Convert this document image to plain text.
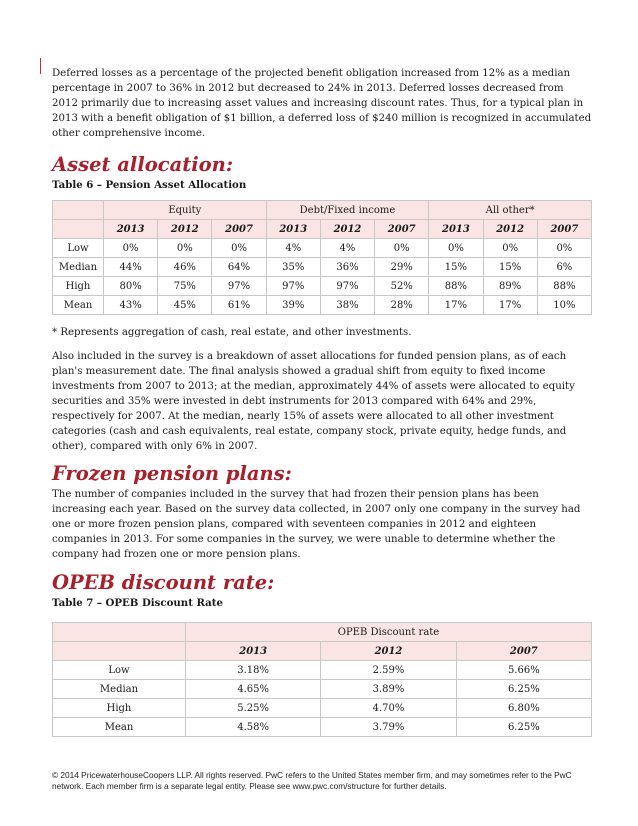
Deferred losses as a percentage of the projected benefit obligation increased from 12% as a median percentage in 2007 to 36% in 2012 but decreased to 24% in 2013. Deferred losses decreased from 2012 primarily due to increasing asset values and increasing discount rates. Thus, for a typical plan in 2013 with a benefit obligation of $1 billion, a deferred loss of $240 million is recognized in accumulated other comprehensive income.

Asset allocation:
Table 6 – Pension Asset Allocation
	Equity			Debt/Fixed income			All other*		
	2013	2012	2007	2013	2012	2007	2013	2012	2007
Low	0%	0%	0%	4%	4%	0%	0%	0%	0%
Median	44%	46%	64%	35%	36%	29%	15%	15%	6%
High	80%	75%	97%	97%	97%	52%	88%	89%	88%
Mean	43%	45%	61%	39%	38%	28%	17%	17%	10%

* Represents aggregation of cash, real estate, and other investments.

Also included in the survey is a breakdown of asset allocations for funded pension plans, as of each plan's measurement date. The final analysis showed a gradual shift from equity to fixed income investments from 2007 to 2013; at the median, approximately 44% of assets were allocated to equity securities and 35% were invested in debt instruments for 2013 compared with 64% and 29%, respectively for 2007. At the median, nearly 15% of assets were allocated to all other investment categories (cash and cash equivalents, real estate, company stock, private equity, hedge funds, and other), compared with only 6% in 2007.

Frozen pension plans:

The number of companies included in the survey that had frozen their pension plans has been increasing each year. Based on the survey data collected, in 2007 only one company in the survey had one or more frozen pension plans, compared with seventeen companies in 2012 and eighteen companies in 2013. For some companies in the survey, we were unable to determine whether the company had frozen one or more pension plans.

OPEB discount rate:
Table 7 – OPEB Discount Rate
	OPEB Discount rate		
	2013	2012	2007
Low	3.18%	2.59%	5.66%
Median	4.65%	3.89%	6.25%
High	5.25%	4.70%	6.80%
Mean	4.58%	3.79%	6.25%
© 2014 PricewaterhouseCoopers LLP. All rights reserved. PwC refers to the United States member firm, and may sometimes refer to the PwC network. Each member firm is a separate legal entity. Please see www.pwc.com/structure for further details.
